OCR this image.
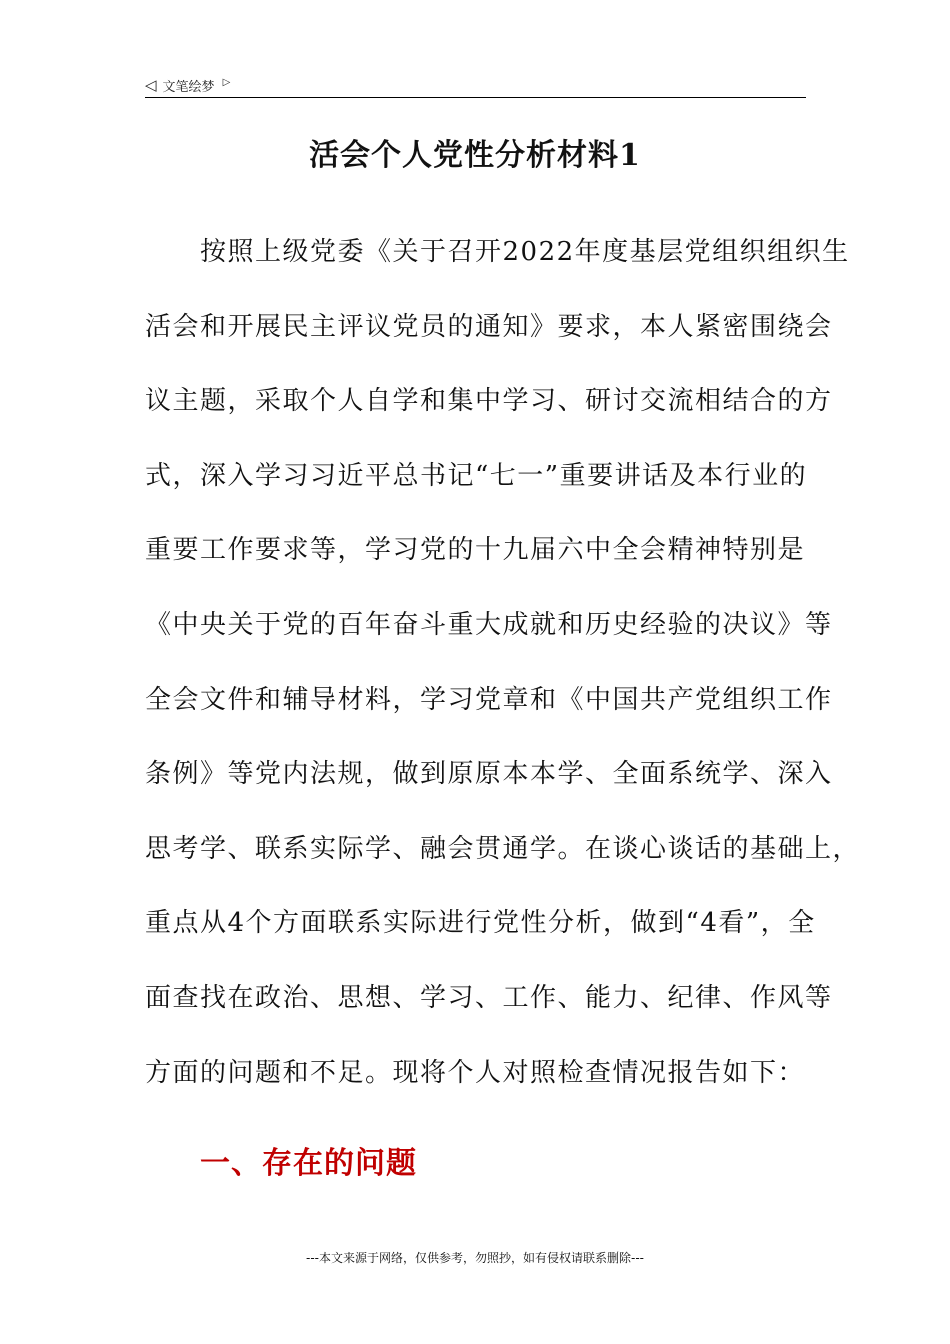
◁ 文笔绘梦 ▷
活会个人党性分析材料1
　　按照上级党委《关于召开2022年度基层党组织组织生
活会和开展民主评议党员的通知》要求，本人紧密围绕会
议主题，采取个人自学和集中学习、研讨交流相结合的方
式，深入学习习近平总书记“七一”重要讲话及本行业的
重要工作要求等，学习党的十九届六中全会精神特别是
《中央关于党的百年奋斗重大成就和历史经验的决议》等
全会文件和辅导材料，学习党章和《中国共产党组织工作
条例》等党内法规，做到原原本本学、全面系统学、深入
思考学、联系实际学、融会贯通学。在谈心谈话的基础上，
重点从4个方面联系实际进行党性分析，做到“4看”，全
面查找在政治、思想、学习、工作、能力、纪律、作风等
方面的问题和不足。现将个人对照检查情况报告如下：
一、存在的问题
---本文来源于网络，仅供参考，勿照抄，如有侵权请联系删除---
